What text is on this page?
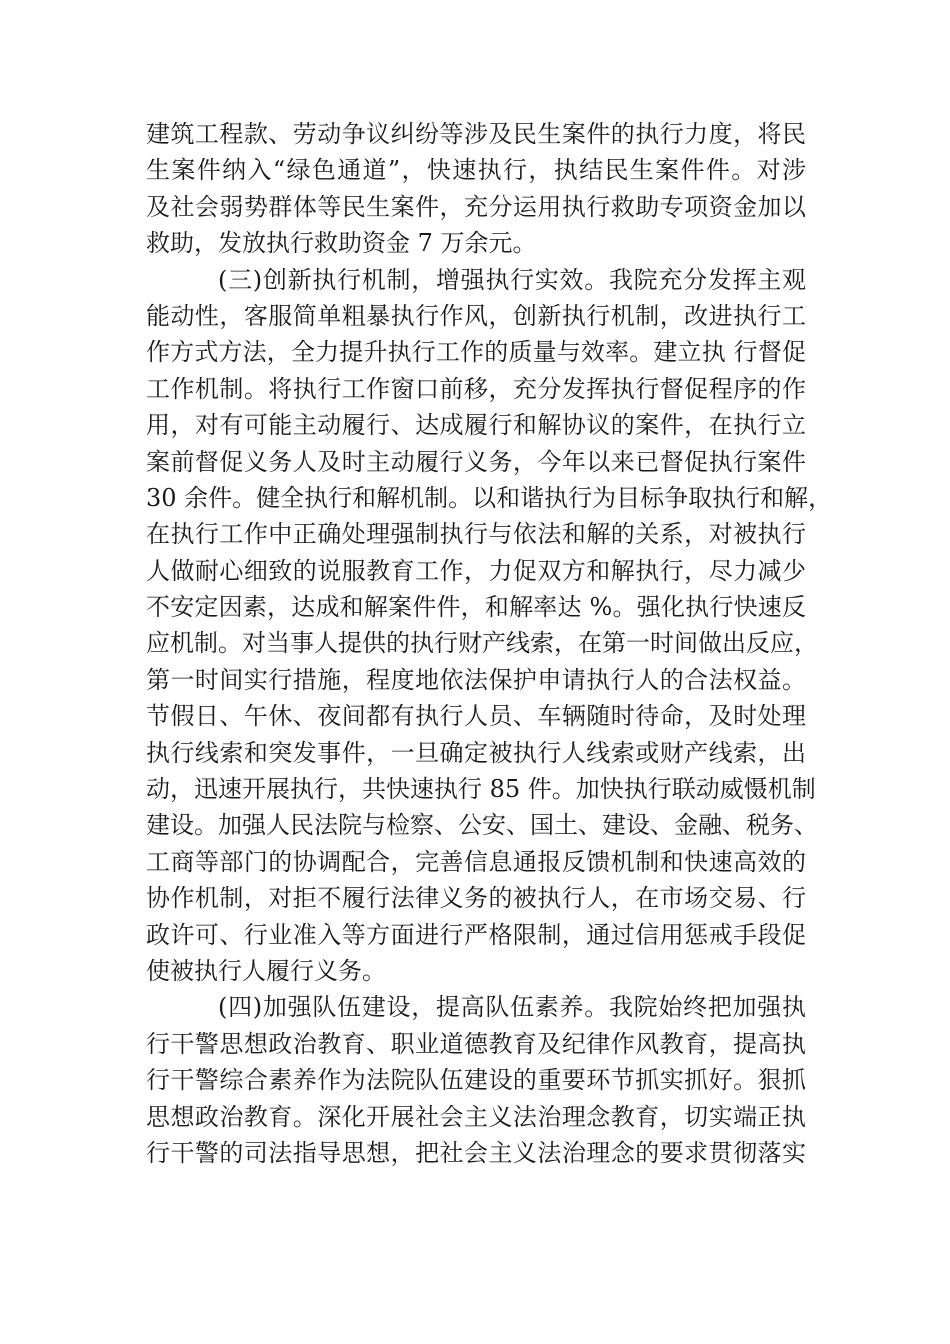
建筑工程款、劳动争议纠纷等涉及民生案件的执行力度，将民
生案件纳入“绿色通道”，快速执行，执结民生案件件。对涉
及社会弱势群体等民生案件，充分运用执行救助专项资金加以
救助，发放执行救助资金 7 万余元。
(三)创新执行机制，增强执行实效。我院充分发挥主观
能动性，客服简单粗暴执行作风，创新执行机制，改进执行工
作方式方法，全力提升执行工作的质量与效率。建立执 行督促
工作机制。将执行工作窗口前移，充分发挥执行督促程序的作
用，对有可能主动履行、达成履行和解协议的案件，在执行立
案前督促义务人及时主动履行义务，今年以来已督促执行案件
30 余件。健全执行和解机制。以和谐执行为目标争取执行和解，
在执行工作中正确处理强制执行与依法和解的关系，对被执行
人做耐心细致的说服教育工作，力促双方和解执行，尽力减少
不安定因素，达成和解案件件，和解率达 %。强化执行快速反
应机制。对当事人提供的执行财产线索，在第一时间做出反应，
第一时间实行措施，程度地依法保护申请执行人的合法权益。
节假日、午休、夜间都有执行人员、车辆随时待命，及时处理
执行线索和突发事件，一旦确定被执行人线索或财产线索，出
动，迅速开展执行，共快速执行 85 件。加快执行联动威慑机制
建设。加强人民法院与检察、公安、国土、建设、金融、税务、
工商等部门的协调配合，完善信息通报反馈机制和快速高效的
协作机制，对拒不履行法律义务的被执行人，在市场交易、行
政许可、行业准入等方面进行严格限制，通过信用惩戒手段促
使被执行人履行义务。
(四)加强队伍建设，提高队伍素养。我院始终把加强执
行干警思想政治教育、职业道德教育及纪律作风教育，提高执
行干警综合素养作为法院队伍建设的重要环节抓实抓好。狠抓
思想政治教育。深化开展社会主义法治理念教育，切实端正执
行干警的司法指导思想，把社会主义法治理念的要求贯彻落实
